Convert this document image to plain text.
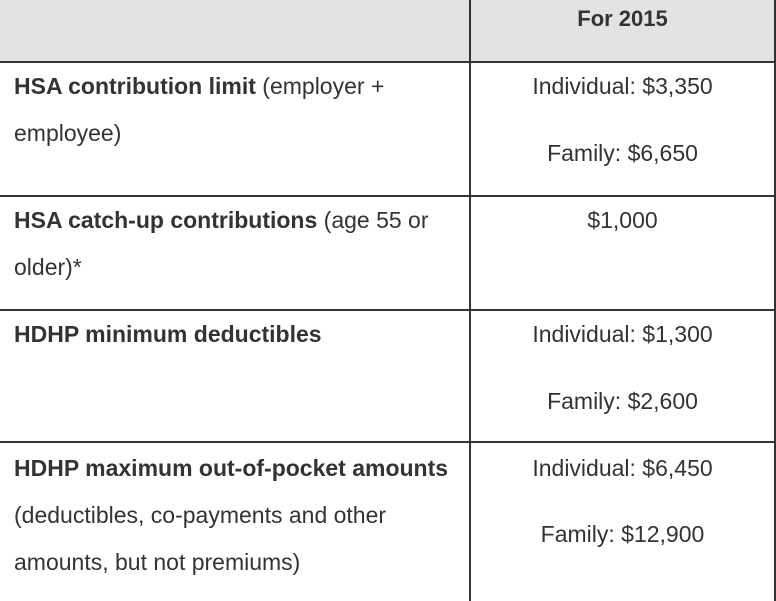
For 2015
HSA contribution limit (employer + employee)
Individual: $3,350
Family: $6,650
HSA catch-up contributions (age 55 or older)*
$1,000
HDHP minimum deductibles	Individual: $1,300
Family: $2,600
HDHP maximum out-of-pocket amounts (deductibles, co-payments and other amounts, but not premiums)
Individual: $6,450
Family: $12,900
